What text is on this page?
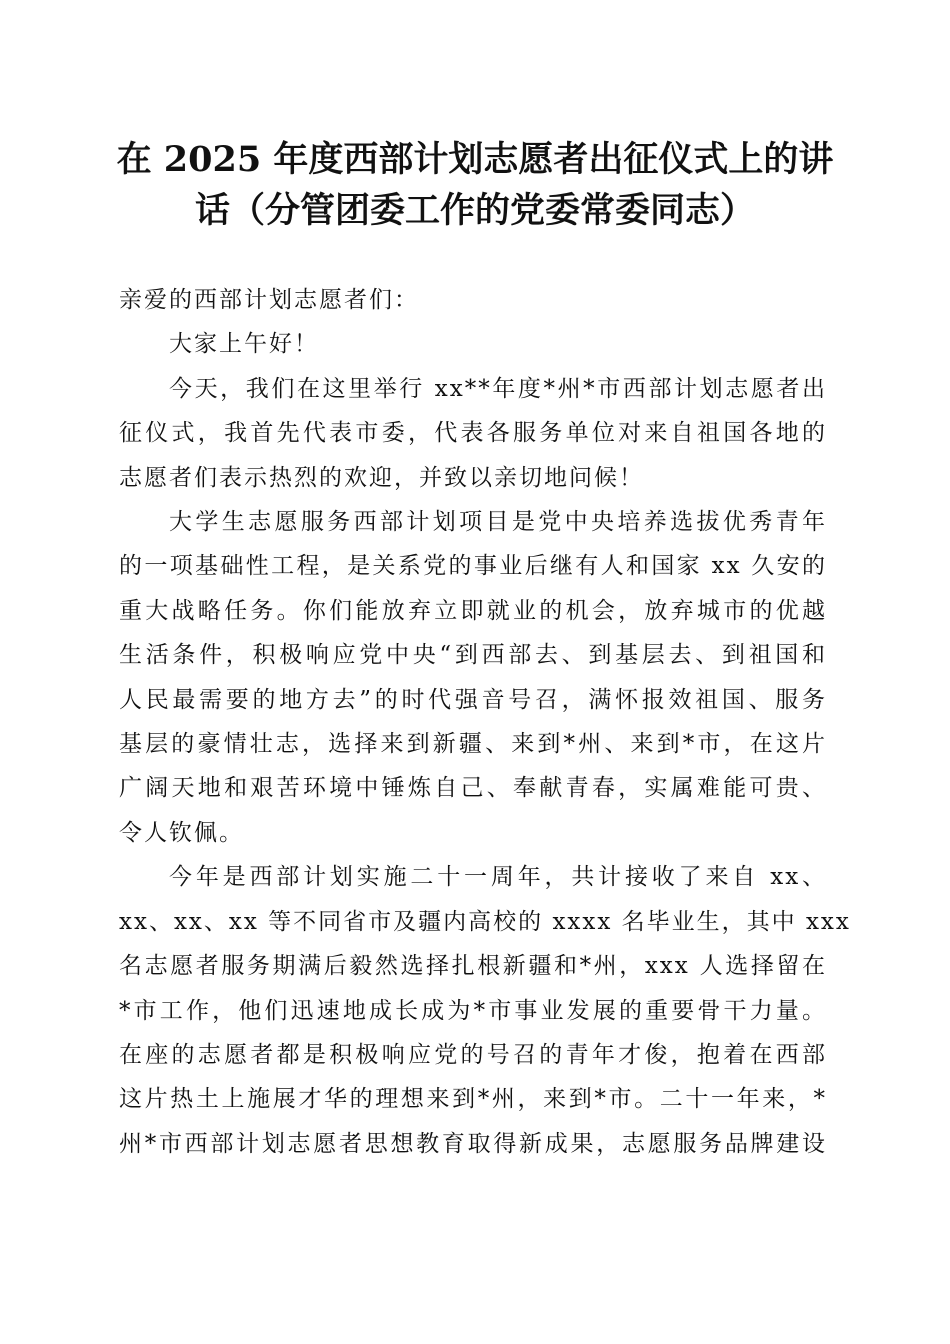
在 2025 年度西部计划志愿者出征仪式上的讲
话（分管团委工作的党委常委同志）

亲爱的西部计划志愿者们：

大家上午好！

今天，我们在这里举行 xx**年度*州*市西部计划志愿者出
征仪式，我首先代表市委，代表各服务单位对来自祖国各地的
志愿者们表示热烈的欢迎，并致以亲切地问候！

大学生志愿服务西部计划项目是党中央培养选拔优秀青年
的一项基础性工程，是关系党的事业后继有人和国家 xx 久安的
重大战略任务。你们能放弃立即就业的机会，放弃城市的优越
生活条件，积极响应党中央“到西部去、到基层去、到祖国和
人民最需要的地方去”的时代强音号召，满怀报效祖国、服务
基层的豪情壮志，选择来到新疆、来到*州、来到*市，在这片
广阔天地和艰苦环境中锤炼自己、奉献青春，实属难能可贵、
令人钦佩。

今年是西部计划实施二十一周年，共计接收了来自 xx、
xx、xx、xx 等不同省市及疆内高校的 xxxx 名毕业生，其中 xxx
名志愿者服务期满后毅然选择扎根新疆和*州，xxx 人选择留在
*市工作，他们迅速地成长成为*市事业发展的重要骨干力量。
在座的志愿者都是积极响应党的号召的青年才俊，抱着在西部
这片热土上施展才华的理想来到*州，来到*市。二十一年来，*
州*市西部计划志愿者思想教育取得新成果，志愿服务品牌建设
